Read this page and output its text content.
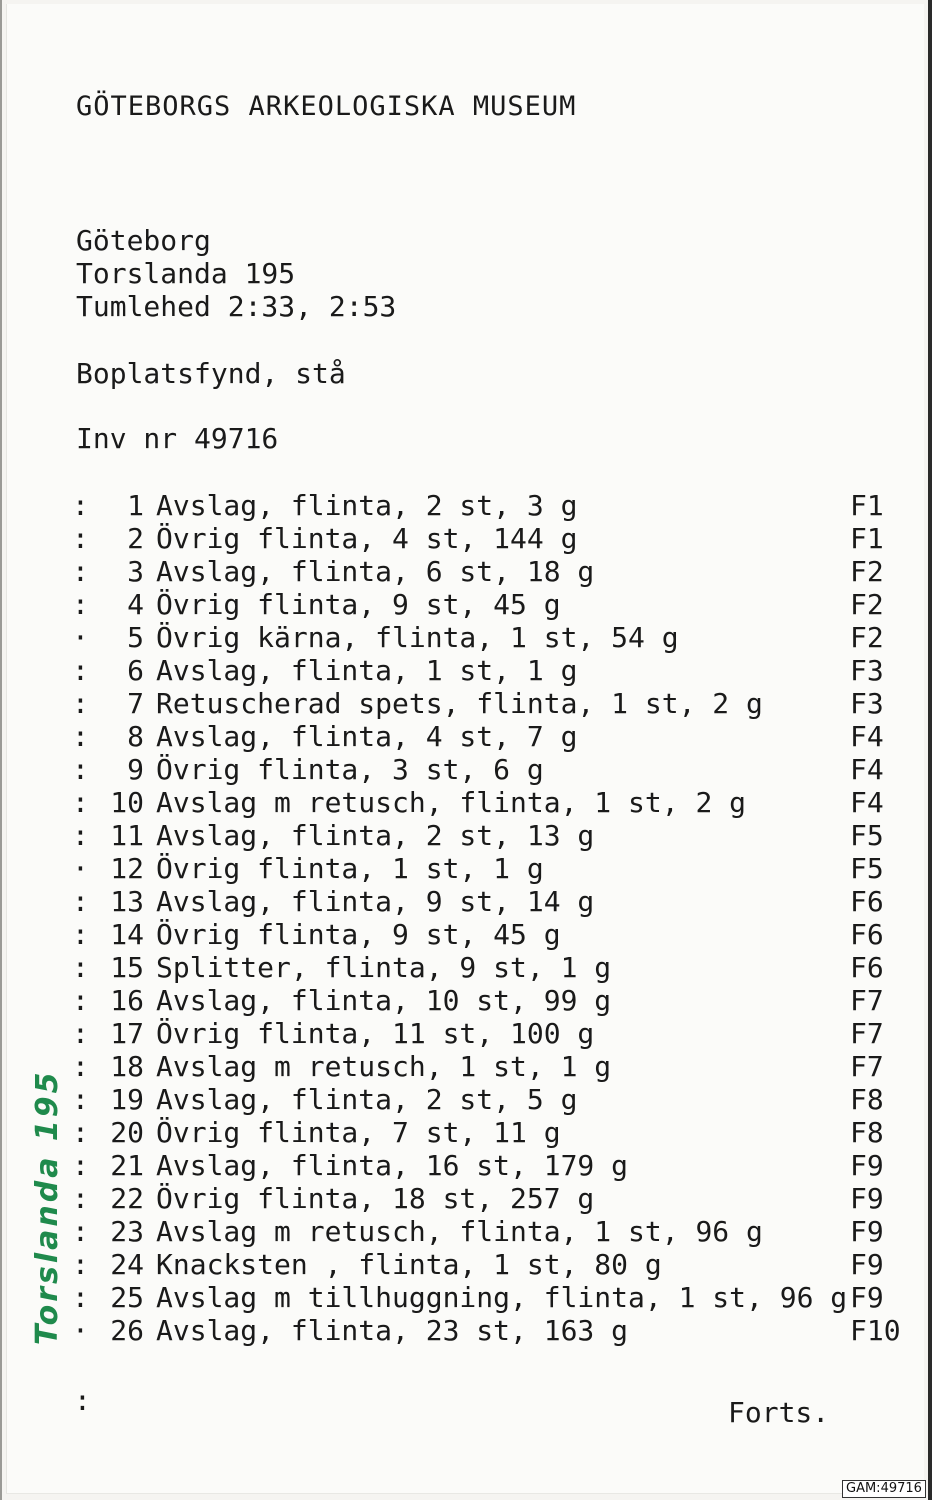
GÖTEBORGS ARKEOLOGISKA MUSEUM
Göteborg
Torslanda 195
Tumlehed 2:33, 2:53
Boplatsfynd, stå
Inv nr 49716
:	1 Avslag, flinta, 2 st, 3 g	F1
:	2 Övrig flinta, 4 st, 144 g	F1
:	3 Avslag, flinta, 6 st, 18 g	F2
:	4 Övrig flinta, 9 st, 45 g	F2
·	5 Övrig kärna, flinta, 1 st, 54 g	F2
:	6 Avslag, flinta, 1 st, 1 g	F3
:	7 Retuscherad spets, flinta, 1 st, 2 g	F3
:	8 Avslag, flinta, 4 st, 7 g	F4
:	9 Övrig flinta, 3 st, 6 g	F4
: 10 Avslag m retusch, flinta, 1 st, 2 g	F4
: 11 Avslag, flinta, 2 st, 13 g	F5
· 12 Övrig flinta, 1 st, 1 g	F5
: 13 Avslag, flinta, 9 st, 14 g	F6
: 14 Övrig flinta, 9 st, 45 g	F6
: 15 Splitter, flinta, 9 st, 1 g	F6
: 16 Avslag, flinta, 10 st, 99 g	F7
: 17 Övrig flinta, 11 st, 100 g	F7
: 18 Avslag m retusch, 1 st, 1 g	F7
: 19 Avslag, flinta, 2 st, 5 g	F8
: 20 Övrig flinta, 7 st, 11 g	F8
: 21 Avslag, flinta, 16 st, 179 g	F9
: 22 Övrig flinta, 18 st, 257 g	F9
: 23 Avslag m retusch, flinta, 1 st, 96 g	F9
: 24 Knacksten , flinta, 1 st, 80 g	F9
: 25 Avslag m tillhuggning, flinta, 1 st, 96 g F9
· 26 Avslag, flinta, 23 st, 163 g	F10
:	Forts.
Torslanda 195
GAM:49716
